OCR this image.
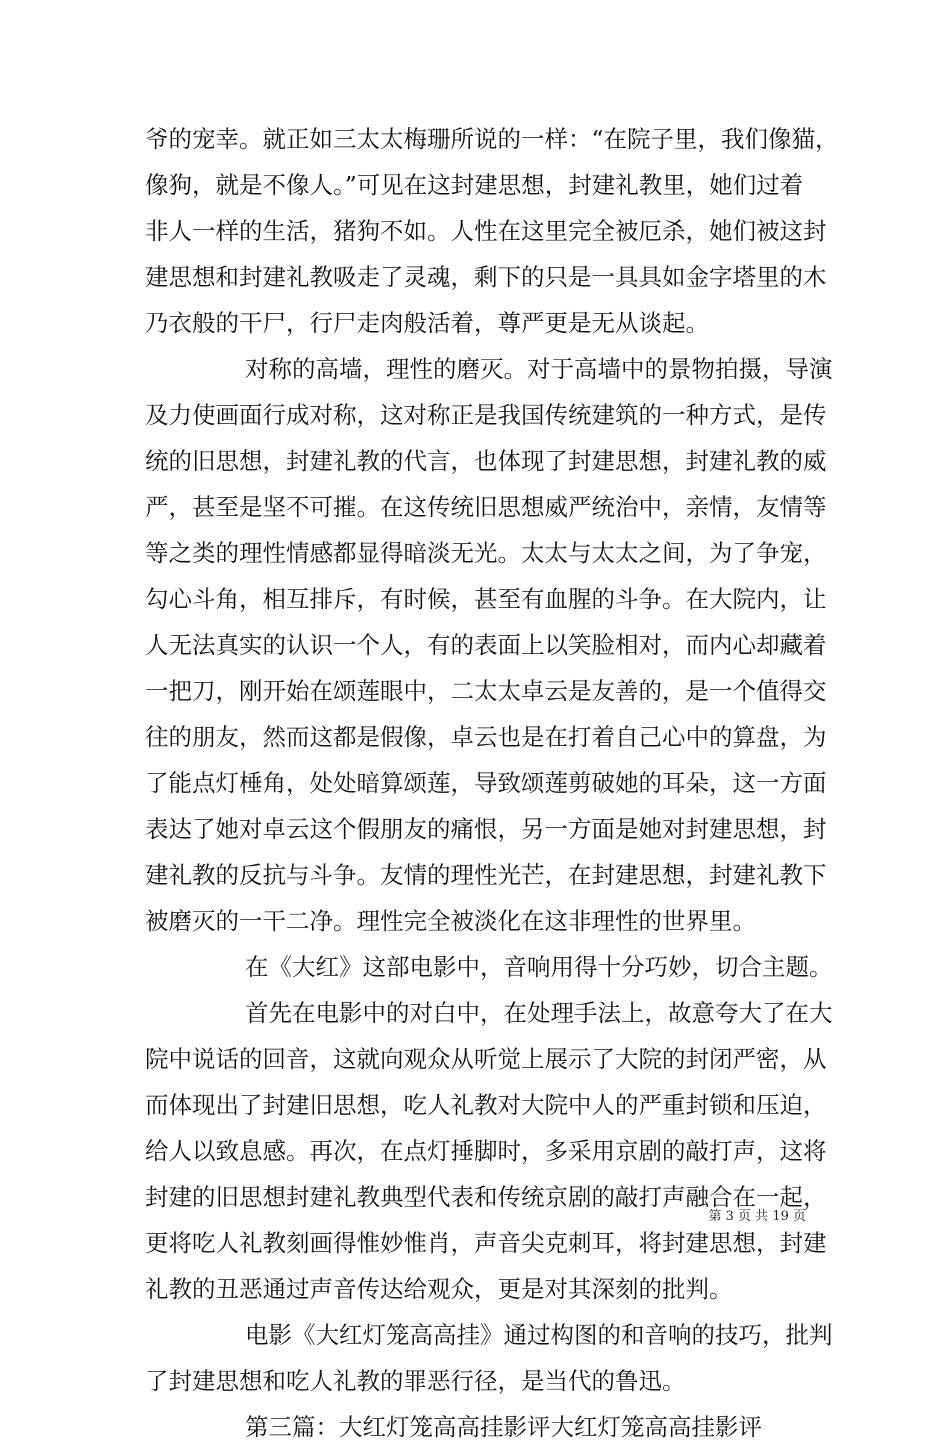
爷的宠幸。就正如三太太梅珊所说的一样：“在院子里，我们像猫，
像狗，就是不像人。”可见在这封建思想，封建礼教里，她们过着
非人一样的生活，猪狗不如。人性在这里完全被厄杀，她们被这封
建思想和封建礼教吸走了灵魂，剩下的只是一具具如金字塔里的木
乃衣般的干尸，行尸走肉般活着，尊严更是无从谈起。
对称的高墙，理性的磨灭。对于高墙中的景物拍摄，导演
及力使画面行成对称，这对称正是我国传统建筑的一种方式，是传
统的旧思想，封建礼教的代言，也体现了封建思想，封建礼教的威
严，甚至是坚不可摧。在这传统旧思想威严统治中，亲情，友情等
等之类的理性情感都显得暗淡无光。太太与太太之间，为了争宠，
勾心斗角，相互排斥，有时候，甚至有血腥的斗争。在大院内，让
人无法真实的认识一个人，有的表面上以笑脸相对，而内心却藏着
一把刀，刚开始在颂莲眼中，二太太卓云是友善的，是一个值得交
往的朋友，然而这都是假像，卓云也是在打着自己心中的算盘，为
了能点灯棰角，处处暗算颂莲，导致颂莲剪破她的耳朵，这一方面
表达了她对卓云这个假朋友的痛恨，另一方面是她对封建思想，封
建礼教的反抗与斗争。友情的理性光芒，在封建思想，封建礼教下
被磨灭的一干二净。理性完全被淡化在这非理性的世界里。
在《大红》这部电影中，音响用得十分巧妙，切合主题。
首先在电影中的对白中，在处理手法上，故意夸大了在大
院中说话的回音，这就向观众从听觉上展示了大院的封闭严密，从
而体现出了封建旧思想，吃人礼教对大院中人的严重封锁和压迫，
给人以致息感。再次，在点灯捶脚时，多采用京剧的敲打声，这将
封建的旧思想封建礼教典型代表和传统京剧的敲打声融合在一起，
更将吃人礼教刻画得惟妙惟肖，声音尖克刺耳，将封建思想，封建
礼教的丑恶通过声音传达给观众，更是对其深刻的批判。
电影《大红灯笼高高挂》通过构图的和音响的技巧，批判
了封建思想和吃人礼教的罪恶行径，是当代的鲁迅。
第三篇：大红灯笼高高挂影评大红灯笼高高挂影评
第 3 页 共 19 页
